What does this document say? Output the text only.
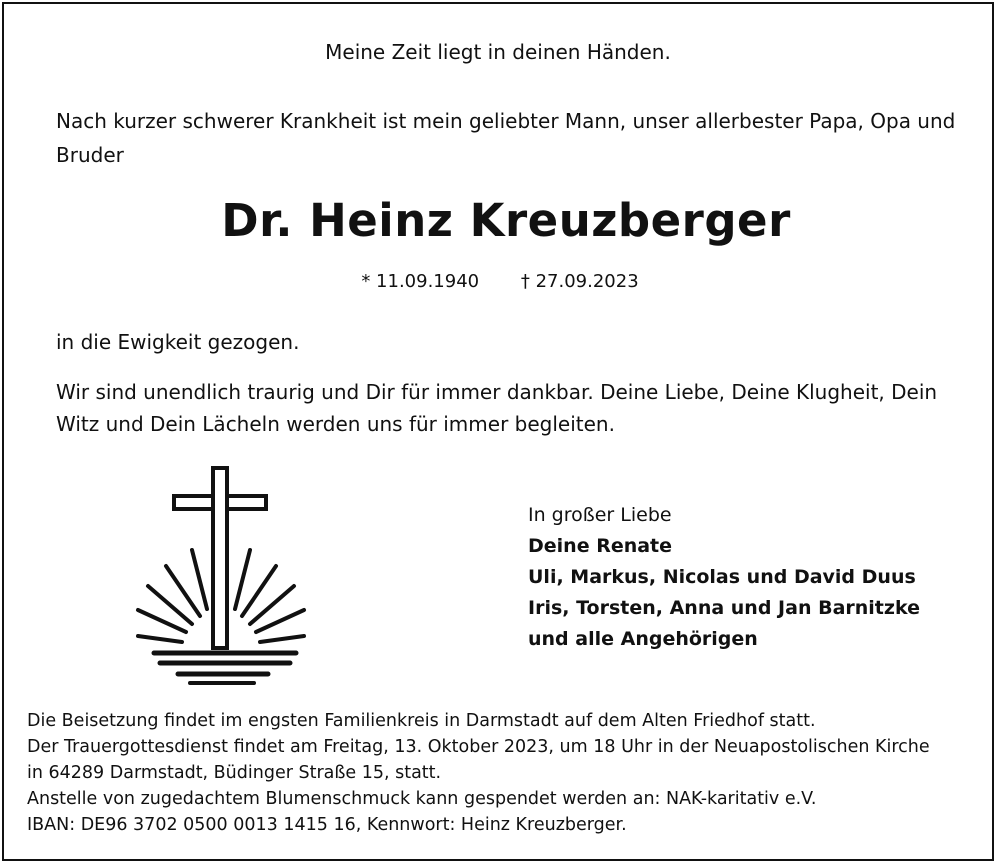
Meine Zeit liegt in deinen Händen.
Nach kurzer schwerer Krankheit ist mein geliebter Mann, unser allerbester Papa, Opa und Bruder
Dr. Heinz Kreuzberger
* 11.09.1940 † 27.09.2023
in die Ewigkeit gezogen.
Wir sind unendlich traurig und Dir für immer dankbar. Deine Liebe, Deine Klugheit, Dein Witz und Dein Lächeln werden uns für immer begleiten.
In großer Liebe
Deine Renate
Uli, Markus, Nicolas und David Duus
Iris, Torsten, Anna und Jan Barnitzke
und alle Angehörigen
Die Beisetzung findet im engsten Familienkreis in Darmstadt auf dem Alten Friedhof statt.
Der Trauergottesdienst findet am Freitag, 13. Oktober 2023, um 18 Uhr in der Neuapostolischen Kirche
in 64289 Darmstadt, Büdinger Straße 15, statt.
Anstelle von zugedachtem Blumenschmuck kann gespendet werden an: NAK-karitativ e.V.
IBAN: DE96 3702 0500 0013 1415 16, Kennwort: Heinz Kreuzberger.
